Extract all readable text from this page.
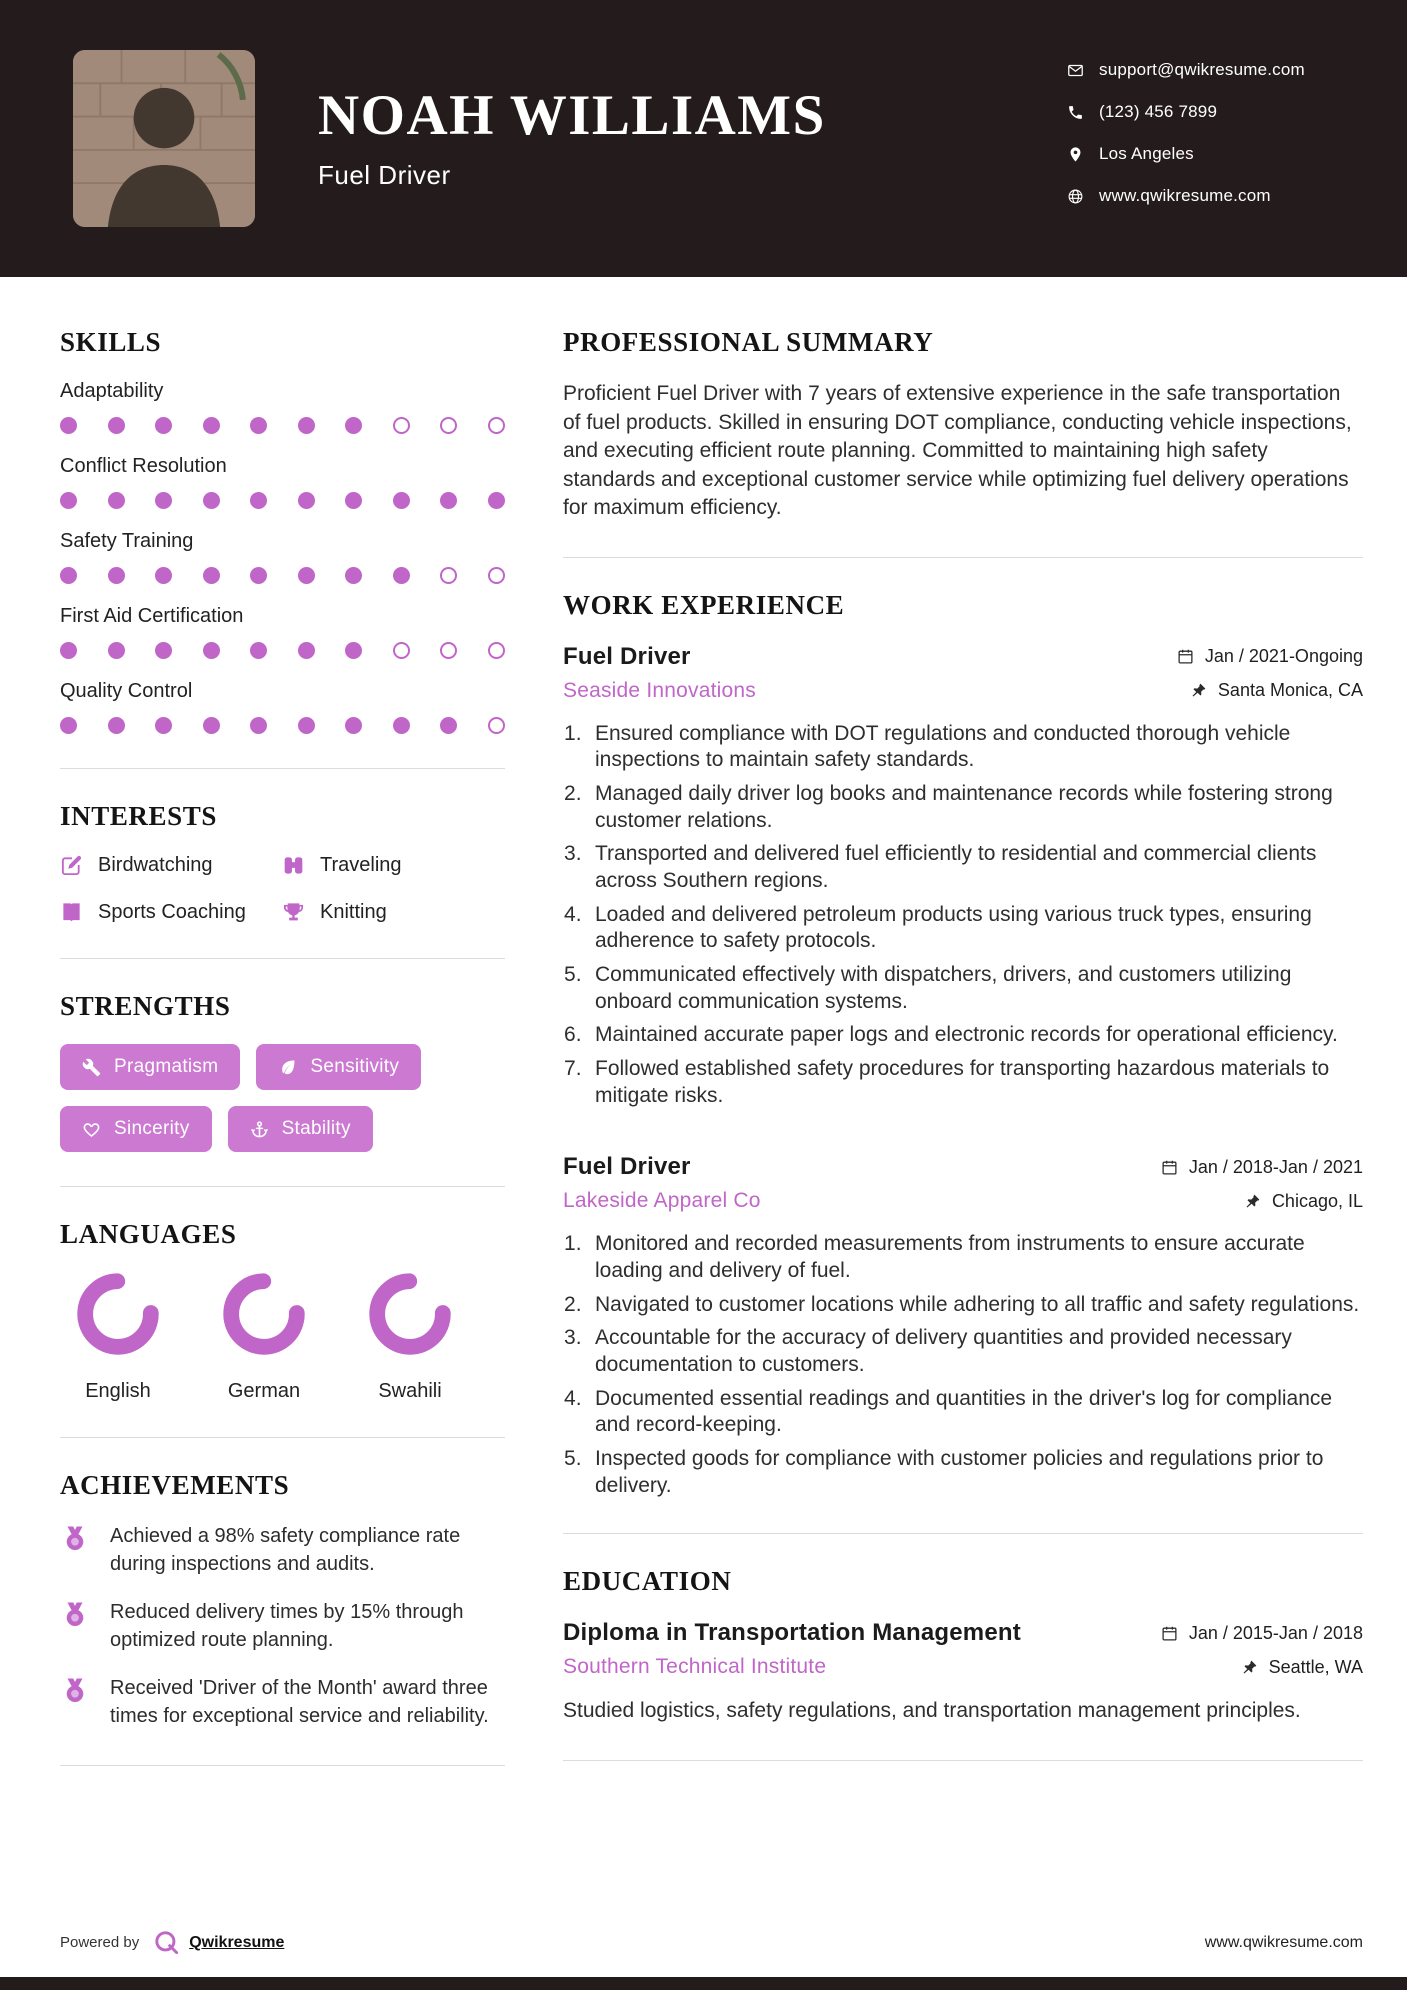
NOAH WILLIAMS
Fuel Driver
support@qwikresume.com
(123) 456 7899
Los Angeles
www.qwikresume.com
SKILLS
Adaptability
Conflict Resolution
Safety Training
First Aid Certification
Quality Control
INTERESTS
Birdwatching	Traveling
Sports Coaching	Knitting
STRENGTHS
Pragmatism	Sensitivity
Sincerity	Stability
LANGUAGES
English	German	Swahili
ACHIEVEMENTS
Achieved a 98% safety compliance rate during inspections and audits.
Reduced delivery times by 15% through optimized route planning.
Received 'Driver of the Month' award three times for exceptional service and reliability.
PROFESSIONAL SUMMARY

Proficient Fuel Driver with 7 years of extensive experience in the safe transportation of fuel products. Skilled in ensuring DOT compliance, conducting vehicle inspections, and executing efficient route planning. Committed to maintaining high safety standards and exceptional customer service while optimizing fuel delivery operations for maximum efficiency.

WORK EXPERIENCE
Fuel Driver	Jan / 2021-Ongoing
Seaside Innovations	Santa Monica, CA
Ensured compliance with DOT regulations and conducted thorough vehicle inspections to maintain safety standards.
Managed daily driver log books and maintenance records while fostering strong customer relations.
Transported and delivered fuel efficiently to residential and commercial clients across Southern regions.
Loaded and delivered petroleum products using various truck types, ensuring adherence to safety protocols.
Communicated effectively with dispatchers, drivers, and customers utilizing onboard communication systems.
Maintained accurate paper logs and electronic records for operational efficiency.
Followed established safety procedures for transporting hazardous materials to mitigate risks.
Fuel Driver	Jan / 2018-Jan / 2021
Lakeside Apparel Co	Chicago, IL
Monitored and recorded measurements from instruments to ensure accurate loading and delivery of fuel.
Navigated to customer locations while adhering to all traffic and safety regulations.
Accountable for the accuracy of delivery quantities and provided necessary documentation to customers.
Documented essential readings and quantities in the driver's log for compliance and record-keeping.
Inspected goods for compliance with customer policies and regulations prior to delivery.
EDUCATION
Diploma in Transportation Management	Jan / 2015-Jan / 2018
Southern Technical Institute	Seattle, WA

Studied logistics, safety regulations, and transportation management principles.

Powered by	Qwikresume	www.qwikresume.com
